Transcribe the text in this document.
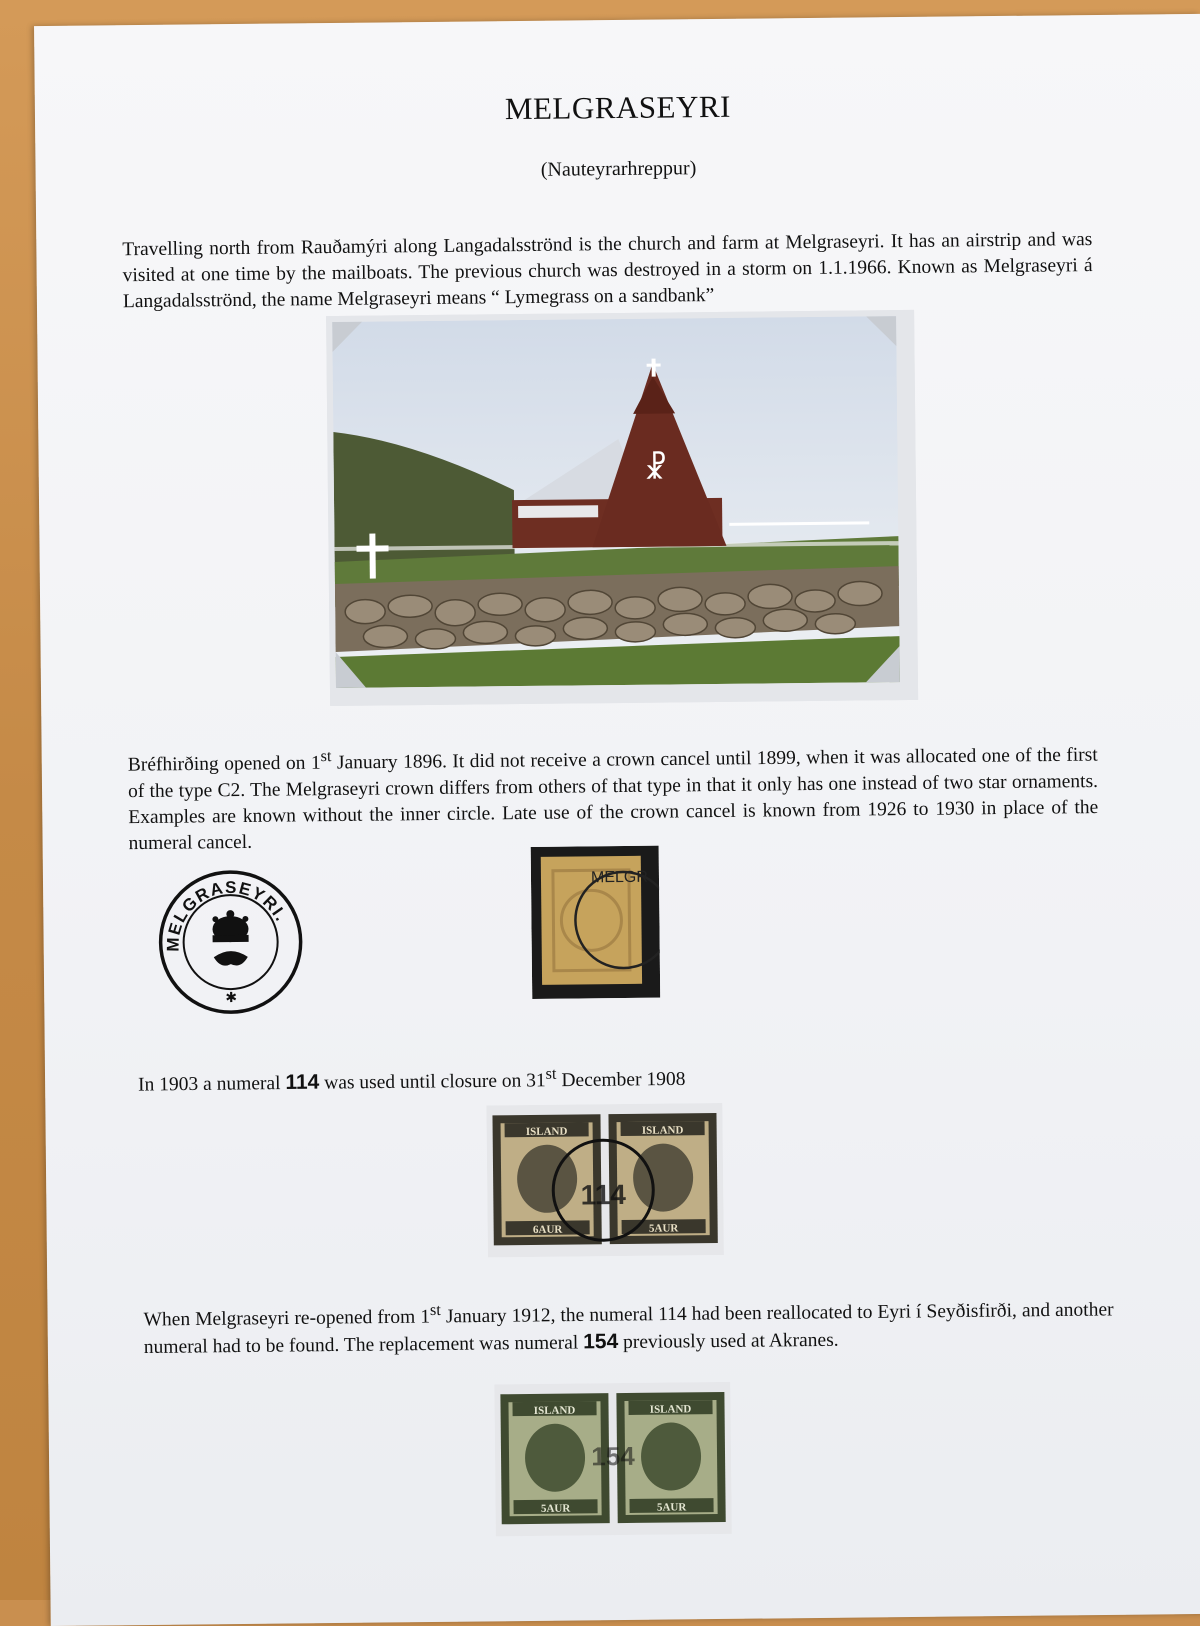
MELGRASEYRI
(Nauteyrarhreppur)

Travelling north from Rauðamýri along Langadalsströnd is the church and farm at Melgraseyri. It has an airstrip and was visited at one time by the mailboats. The previous church was destroyed in a storm on 1.1.1966. Known as Melgraseyri á Langadalsströnd, the name Melgraseyri means “ Lymegrass on a sandbank”

☧

Bréfhirðing opened on 1st January 1896. It did not receive a crown cancel until 1899, when it was allocated one of the first of the type C2. The Melgraseyri crown differs from others of that type in that it only has one instead of two star ornaments. Examples are known without the inner circle. Late use of the crown cancel is known from 1926 to 1930 in place of the numeral cancel.

MELGRASEYRI.
✱
MELGR

In 1903 a numeral 114 was used until closure on 31st December 1908

ISLAND
6AUR
ISLAND
5AUR
114

When Melgraseyri re-opened from 1st January 1912, the numeral 114 had been reallocated to Eyri í Seyðisfirði, and another numeral had to be found. The replacement was numeral 154 previously used at Akranes.

ISLAND
5AUR
ISLAND
5AUR
154
